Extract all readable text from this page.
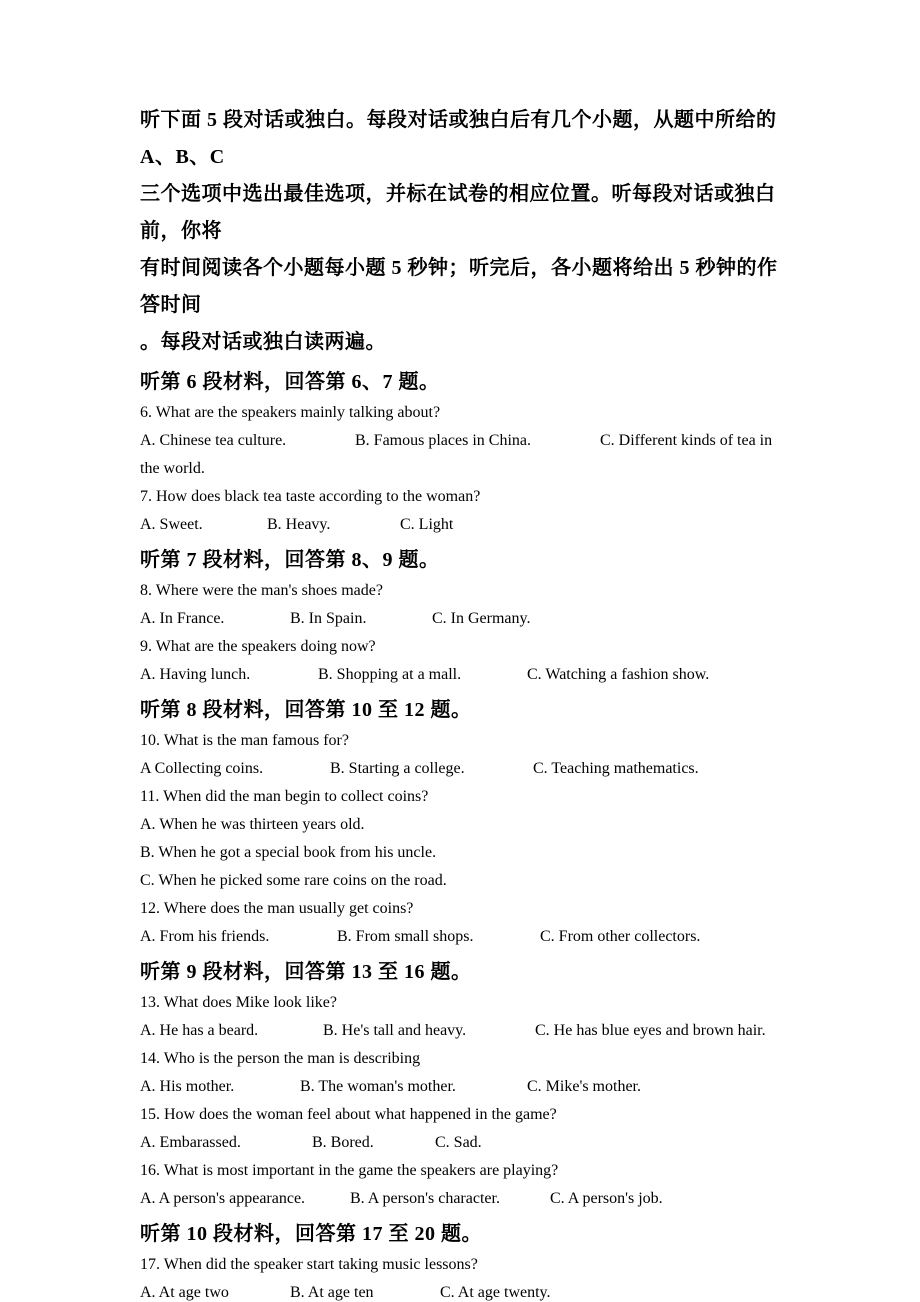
听下面 5 段对话或独白。每段对话或独白后有几个小题，从题中所给的 A、B、C
三个选项中选出最佳选项，并标在试卷的相应位置。听每段对话或独白前，你将
有时间阅读各个小题每小题 5 秒钟；听完后，各小题将给出 5 秒钟的作答时间
。每段对话或独白读两遍。
听第 6 段材料，回答第 6、7 题。
6. What are the speakers mainly talking about?
A. Chinese tea culture.	B. Famous places in China.	C. Different kinds of tea in the world.
7. How does black tea taste according to the woman?
A. Sweet.	B. Heavy.	C. Light
听第 7 段材料，回答第 8、9 题。
8. Where were the man's shoes made?
A. In France.	B. In Spain.	C. In Germany.
9. What are the speakers doing now?
A. Having lunch.	B. Shopping at a mall.	C. Watching a fashion show.
听第 8 段材料，回答第 10 至 12 题。
10. What is the man famous for?
A Collecting coins.	B. Starting a college.	C. Teaching mathematics.
11. When did the man begin to collect coins?
A. When he was thirteen years old.
B. When he got a special book from his uncle.
C. When he picked some rare coins on the road.
12. Where does the man usually get coins?
A. From his friends.	B. From small shops.	C. From other collectors.
听第 9 段材料，回答第 13 至 16 题。
13. What does Mike look like?
A. He has a beard.	B. He's tall and heavy.	C. He has blue eyes and brown hair.
14. Who is the person the man is describing
A. His mother.	B. The woman's mother.	C. Mike's mother.
15. How does the woman feel about what happened in the game?
A. Embarassed.	B. Bored.	C. Sad.
16. What is most important in the game the speakers are playing?
A. A person's appearance.	B. A person's character.	C. A person's job.
听第 10 段材料，回答第 17 至 20 题。
17. When did the speaker start taking music lessons?
A. At age two	B. At age ten	C. At age twenty.
